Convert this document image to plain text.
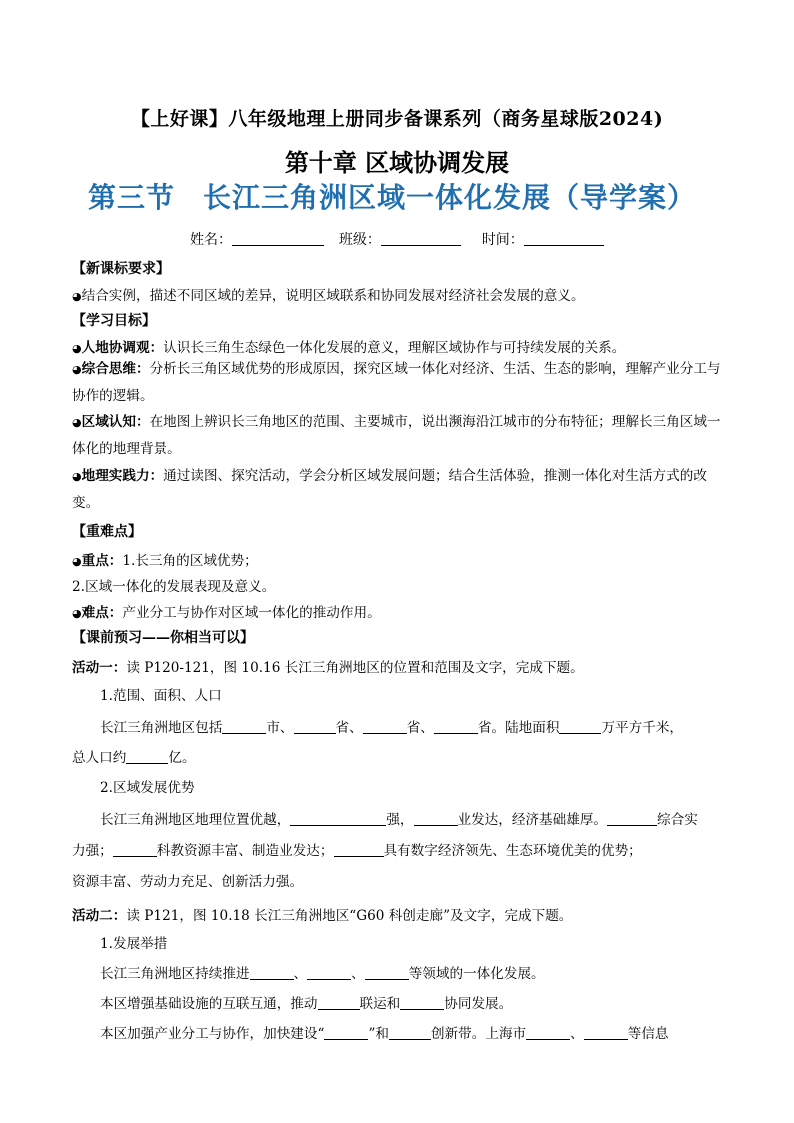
【上好课】八年级地理上册同步备课系列（商务星球版2024)
第十章 区域协调发展
第三节 长江三角洲区域一体化发展（导学案）
姓名：	班级：	时间：
【新课标要求】
◕结合实例，描述不同区域的差异，说明区域联系和协同发展对经济社会发展的意义。
【学习目标】
◕人地协调观：认识长三角生态绿色一体化发展的意义，理解区域协作与可持续发展的关系。
◕综合思维：分析长三角区域优势的形成原因，探究区域一体化对经济、生活、生态的影响，理解产业分工与协作的逻辑。
◕区域认知：在地图上辨识长三角地区的范围、主要城市，说出濒海沿江城市的分布特征；理解长三角区域一体化的地理背景。
◕地理实践力：通过读图、探究活动，学会分析区域发展问题；结合生活体验，推测一体化对生活方式的改变。
【重难点】
◕重点：1.长三角的区域优势；
2.区域一体化的发展表现及意义。
◕难点：产业分工与协作对区域一体化的推动作用。
【课前预习——你相当可以】
活动一：读 P120-121，图 10.16 长江三角洲地区的位置和范围及文字，完成下题。
1.范围、面积、人口
长江三角洲地区包括	市、	省、	省、	省。陆地面积	万平方千米，
总人口约	亿。
2.区域发展优势
长江三角洲地区地理位置优越，	强，	业发达，经济基础雄厚。	综合实
力强；	科教资源丰富、制造业发达；	具有数字经济领先、生态环境优美的优势；
资源丰富、劳动力充足、创新活力强。
活动二：读 P121，图 10.18 长江三角洲地区“G60 科创走廊”及文字，完成下题。
1.发展举措
长江三角洲地区持续推进	、	、	等领域的一体化发展。
本区增强基础设施的互联互通，推动	联运和	协同发展。
本区加强产业分工与协作，加快建设“	”和	创新带。上海市	、	等信息
